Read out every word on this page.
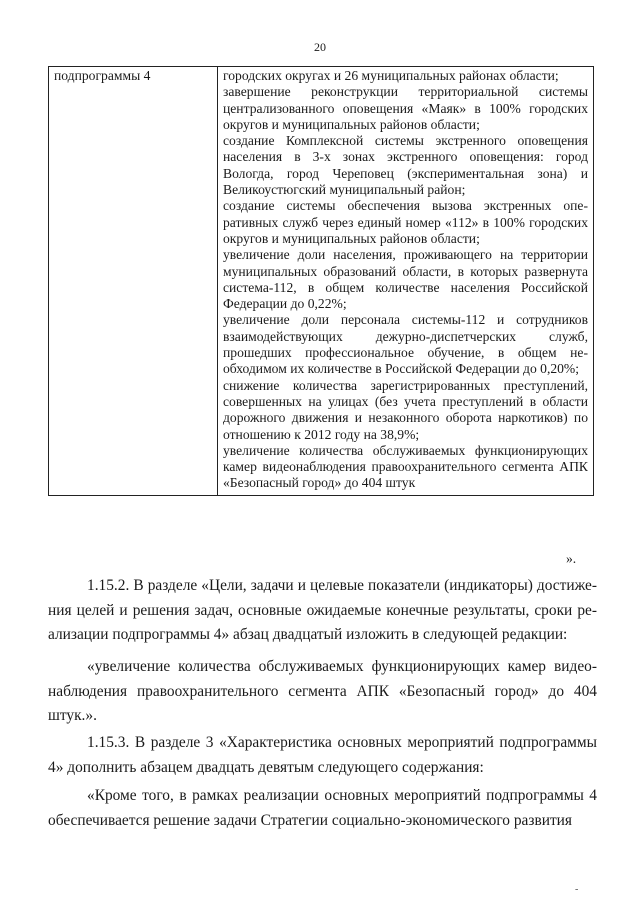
20
подпрограммы 4	городских округах и 26 муниципальных районах области;

завершение реконструкции территориальной системы централизованного оповещения «Маяк» в 100% городских округов и муниципальных районов области;

создание Комплексной системы экстренного оповещения населения в 3-х зонах экстренного оповещения: город Вологда, город Череповец (экспериментальная зона) и Великоустюгский муниципальный район;

создание системы обеспечения вызова экстренных оперативных служб через единый номер «112» в 100% городских округов и муниципальных районов области;

увеличение доли населения, проживающего на территории муниципальных образований области, в которых развернута система-112, в общем количестве населения Российской Федерации до 0,22%;

увеличение доли персонала системы-112 и сотрудников взаимодействующих дежурно-диспетчерских служб, прошедших профессиональное обучение, в общем необходимом их количестве в Российской Федерации до 0,20%;

снижение количества зарегистрированных преступлений, совершенных на улицах (без учета преступлений в области дорожного движения и незаконного оборота наркотиков) по отношению к 2012 году на 38,9%;

увеличение количества обслуживаемых функционирующих камер видеонаблюдения правоохранительного сегмента АПК «Безопасный город» до 404 штук

».

1.15.2. В разделе «Цели, задачи и целевые показатели (индикаторы) достижения целей и решения задач, основные ожидаемые конечные результаты, сроки реализации подпрограммы 4» абзац двадцатый изложить в следующей редакции:

«увеличение количества обслуживаемых функционирующих камер видеонаблюдения правоохранительного сегмента АПК «Безопасный город» до 404 штук.».

1.15.3. В разделе 3 «Характеристика основных мероприятий подпрограммы 4» дополнить абзацем двадцать девятым следующего содержания:

«Кроме того, в рамках реализации основных мероприятий подпрограммы 4 обеспечивается решение задачи Стратегии социально-экономического развития

-
